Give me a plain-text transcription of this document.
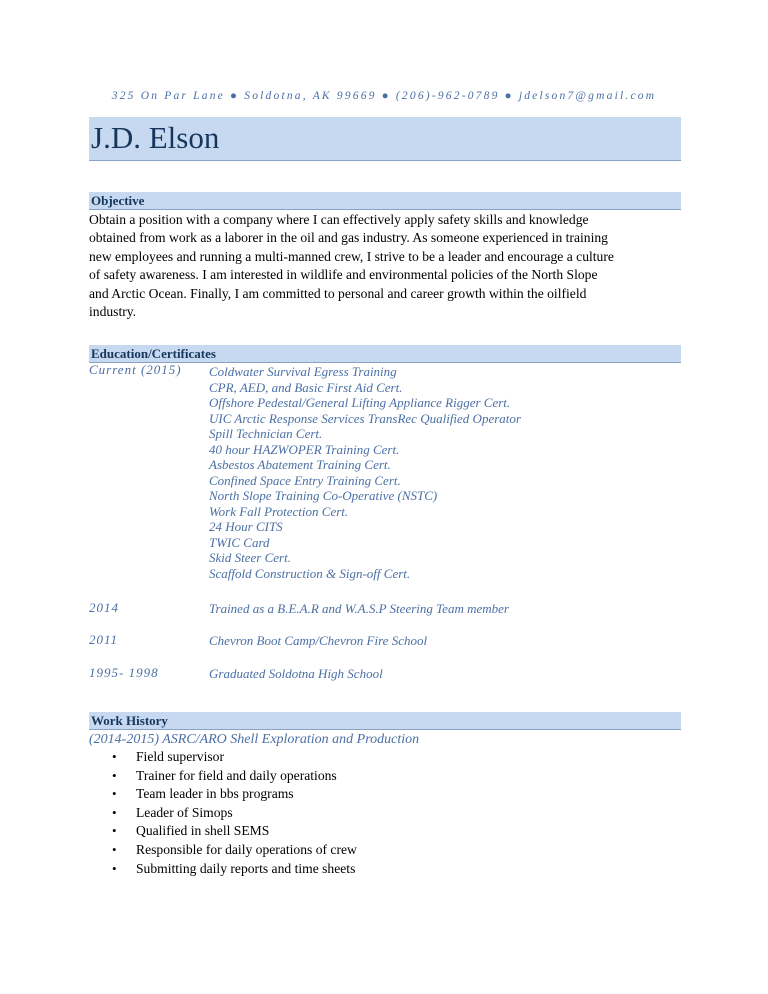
325 On Par Lane ● Soldotna, AK 99669 ● (206)-962-0789 ● jdelson7@gmail.com
J.D. Elson
Objective
Obtain a position with a company where I can effectively apply safety skills and knowledge
obtained from work as a laborer in the oil and gas industry. As someone experienced in training
new employees and running a multi-manned crew, I strive to be a leader and encourage a culture
of safety awareness. I am interested in wildlife and environmental policies of the North Slope
and Arctic Ocean. Finally, I am committed to personal and career growth within the oilfield
industry.
Education/Certificates
Current (2015) Coldwater Survival Egress Training
CPR, AED, and Basic First Aid Cert.
Offshore Pedestal/General Lifting Appliance Rigger Cert.
UIC Arctic Response Services TransRec Qualified Operator
Spill Technician Cert.
40 hour HAZWOPER Training Cert.
Asbestos Abatement Training Cert.
Confined Space Entry Training Cert.
North Slope Training Co-Operative (NSTC)
Work Fall Protection Cert.
24 Hour CITS
TWIC Card
Skid Steer Cert.
Scaffold Construction & Sign-off Cert.
2014	Trained as a B.E.A.R and W.A.S.P Steering Team member
2011	Chevron Boot Camp/Chevron Fire School
1995- 1998	Graduated Soldotna High School
Work History
(2014-2015) ASRC/ARO Shell Exploration and Production
• Field supervisor
• Trainer for field and daily operations
• Team leader in bbs programs
• Leader of Simops
• Qualified in shell SEMS
• Responsible for daily operations of crew
• Submitting daily reports and time sheets
